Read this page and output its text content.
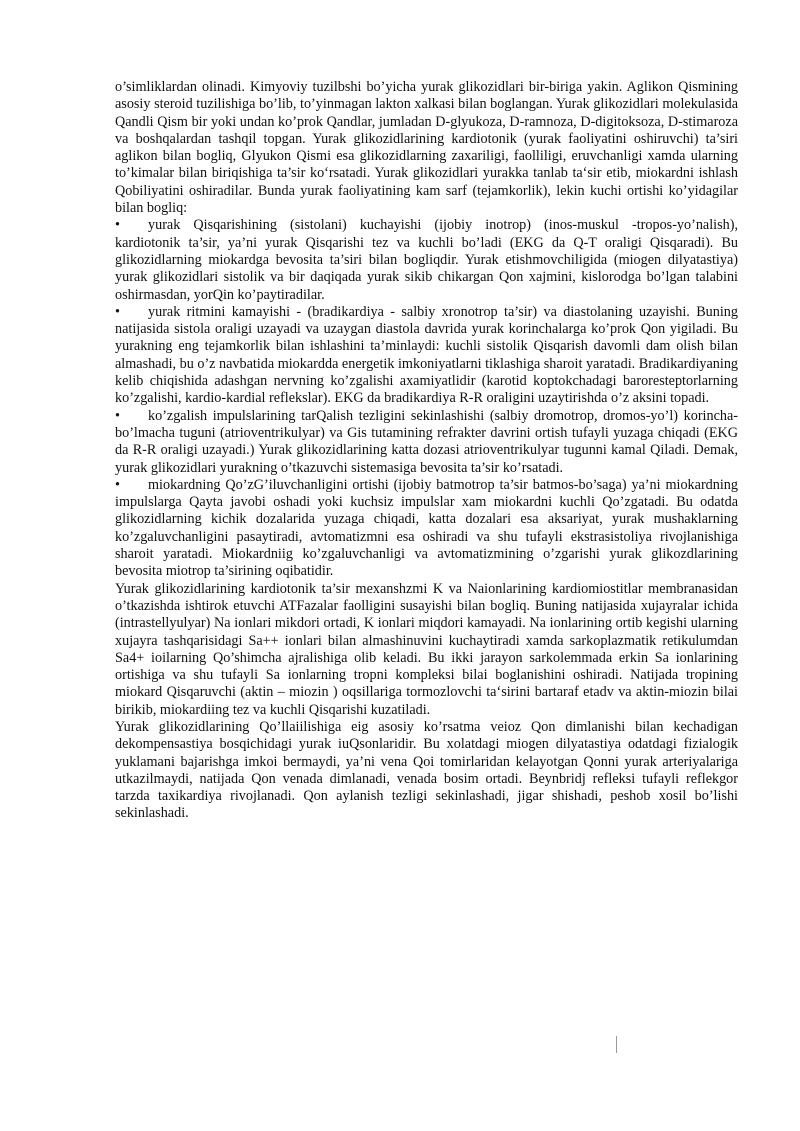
o’simliklardan olinadi. Kimyoviy tuzilbshi bo’yicha yurak glikozidlari bir-biriga yakin. Aglikon Qismining asosiy steroid tuzilishiga bo’lib, to’yinmagan lakton xalkasi bilan boglangan. Yurak glikozidlari molekulasida Qandli Qism bir yoki undan ko’prok Qandlar, jumladan D-glyukoza, D-ramnoza, D-digitoksoza, D-stimaroza va boshqalardan tashqil topgan. Yurak glikozidlarining kardiotonik (yurak faoliyatini oshiruvchi) ta’siri aglikon bilan bogliq, Glyukon Qismi esa glikozidlarning zaxariligi, faolliligi, eruvchanligi xamda ularning to’kimalar bilan biriqishiga ta’sir ko‘rsatadi. Yurak glikozidlari yurakka tanlab ta‘sir etib, miokardni ishlash Qobiliyatini oshiradilar. Bunda yurak faoliyatining kam sarf (tejamkorlik), lekin kuchi ortishi ko’yidagilar bilan bogliq:

• yurak Qisqarishining (sistolani) kuchayishi (ijobiy inotrop) (inos-muskul -tropos-yo’nalish), kardiotonik ta’sir, ya’ni yurak Qisqarishi tez va kuchli bo’ladi (EKG da Q-T oraligi Qisqaradi). Bu glikozidlarning miokardga bevosita ta’siri bilan bogliqdir. Yurak etishmovchiligida (miogen dilyatastiya) yurak glikozidlari sistolik va bir daqiqada yurak sikib chikargan Qon xajmini, kislorodga bo’lgan talabini oshirmasdan, yorQin ko’paytiradilar.

• yurak ritmini kamayishi - (bradikardiya - salbiy xronotrop ta’sir) va diastolaning uzayishi. Buning natijasida sistola oraligi uzayadi va uzaygan diastola davrida yurak korinchalarga ko’prok Qon yigiladi. Bu yurakning eng tejamkorlik bilan ishlashini ta’minlaydi: kuchli sistolik Qisqarish davomli dam olish bilan almashadi, bu o’z navbatida miokardda energetik imkoniyatlarni tiklashiga sharoit yaratadi. Bradikardiyaning kelib chiqishida adashgan nervning ko’zgalishi axamiyatlidir (karotid koptokchadagi baroresteptorlarning ko’zgalishi, kardio-kardial reflekslar). EKG da bradikardiya R-R oraligini uzaytirishda o’z aksini topadi.

• ko’zgalish impulslarining tarQalish tezligini sekinlashishi (salbiy dromotrop, dromos-yo’l) korincha-bo’lmacha tuguni (atrioventrikulyar) va Gis tutamining refrakter davrini ortish tufayli yuzaga chiqadi (EKG da R-R oraligi uzayadi.) Yurak glikozidlarining katta dozasi atrioventrikulyar tugunni kamal Qiladi. Demak, yurak glikozidlari yurakning o’tkazuvchi sistemasiga bevosita ta’sir ko’rsatadi.

• miokardning Qo’zG’iluvchanligini ortishi (ijobiy batmotrop ta’sir batmos-bo’saga) ya’ni miokardning impulslarga Qayta javobi oshadi yoki kuchsiz impulslar xam miokardni kuchli Qo’zgatadi. Bu odatda glikozidlarning kichik dozalarida yuzaga chiqadi, katta dozalari esa aksariyat, yurak mushaklarning ko’zgaluvchanligini pasaytiradi, avtomatizmni esa oshiradi va shu tufayli ekstrasistoliya rivojlanishiga sharoit yaratadi. Miokardniig ko’zgaluvchanligi va avtomatizmining o’zgarishi yurak glikozdlarining bevosita miotrop ta’sirining oqibatidir.

Yurak glikozidlarining kardiotonik ta’sir mexanshzmi K va Naionlarining kardiomiostitlar membranasidan o’tkazishda ishtirok etuvchi ATFazalar faolligini susayishi bilan bogliq. Buning natijasida xujayralar ichida (intrastellyulyar) Na ionlari mikdori ortadi, K ionlari miqdori kamayadi. Na ionlarining ortib kegishi ularning xujayra tashqarisidagi Sa++ ionlari bilan almashinuvini kuchaytiradi xamda sarkoplazmatik retikulumdan Sa4+ ioilarning Qo’shimcha ajralishiga olib keladi. Bu ikki jarayon sarkolemmada erkin Sa ionlarining ortishiga va shu tufayli Sa ionlarning tropni kompleksi bilai boglanishini oshiradi. Natijada tropining miokard Qisqaruvchi (aktin – miozin ) oqsillariga tormozlovchi ta‘sirini bartaraf etadv va aktin-miozin bilai birikib, miokardiing tez va kuchli Qisqarishi kuzatiladi.

Yurak glikozidlarining Qo’llaiilishiga eig asosiy ko’rsatma veioz Qon dimlanishi bilan kechadigan dekompensastiya bosqichidagi yurak iuQsonlaridir. Bu xolatdagi miogen dilyatastiya odatdagi fizialogik yuklamani bajarishga imkoi bermaydi, ya’ni vena Qoi tomirlaridan kelayotgan Qonni yurak arteriyalariga utkazilmaydi, natijada Qon venada dimlanadi, venada bosim ortadi. Beynbridj refleksi tufayli reflekgor tarzda taxikardiya rivojlanadi. Qon aylanish tezligi sekinlashadi, jigar shishadi, peshob xosil bo’lishi sekinlashadi.
